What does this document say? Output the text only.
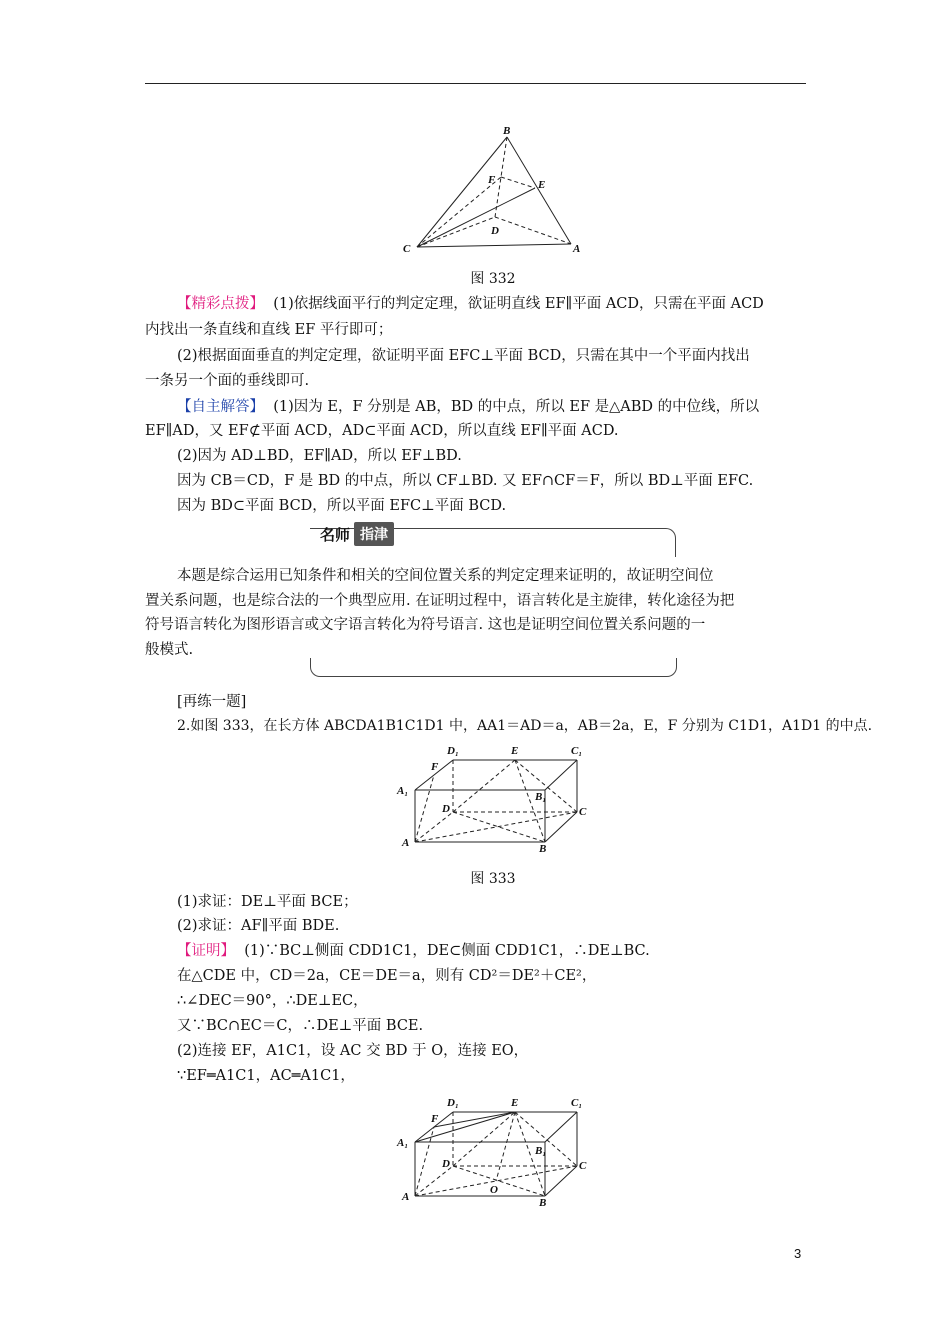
B
E
F
D
C	A
图 332
【精彩点拨】 (1)依据线面平行的判定定理，欲证明直线 EF∥平面 ACD，只需在平面 ACD
内找出一条直线和直线 EF 平行即可；
(2)根据面面垂直的判定定理，欲证明平面 EFC⊥平面 BCD，只需在其中一个平面内找出
一条另一个面的垂线即可.
【自主解答】 (1)因为 E，F 分别是 AB，BD 的中点，所以 EF 是△ABD 的中位线，所以
EF∥AD，又 EF⊄平面 ACD，AD⊂平面 ACD，所以直线 EF∥平面 ACD.
(2)因为 AD⊥BD，EF∥AD，所以 EF⊥BD.
因为 CB＝CD，F 是 BD 的中点，所以 CF⊥BD. 又 EF∩CF＝F，所以 BD⊥平面 EFC.
因为 BD⊂平面 BCD，所以平面 EFC⊥平面 BCD.
名师 指津
本题是综合运用已知条件和相关的空间位置关系的判定定理来证明的，故证明空间位
置关系问题，也是综合法的一个典型应用. 在证明过程中，语言转化是主旋律，转化途径为把
符号语言转化为图形语言或文字语言转化为符号语言. 这也是证明空间位置关系问题的一
般模式.
[再练一题]
2.如图 333，在长方体 ABCDA1B1C1D1 中，AA1＝AD＝a，AB＝2a，E，F 分别为 C1D1，A1D1 的中点.
D₁	E	C₁
F
A₁
D
B₁
C
A	B
图 333
(1)求证：DE⊥平面 BCE；
(2)求证：AF∥平面 BDE.
【证明】 (1)∵BC⊥侧面 CDD1C1，DE⊂侧面 CDD1C1，∴DE⊥BC.
在△CDE 中，CD＝2a，CE＝DE＝a，则有 CD²＝DE²＋CE²，
∴∠DEC＝90°，∴DE⊥EC，
又∵BC∩EC＝C，∴DE⊥平面 BCE.
(2)连接 EF，A1C1，设 AC 交 BD 于 O，连接 EO，
∵EF═A1C1，AC═A1C1，
D₁	E	C₁
F
A₁
D
B₁
C
O
A	B
3
